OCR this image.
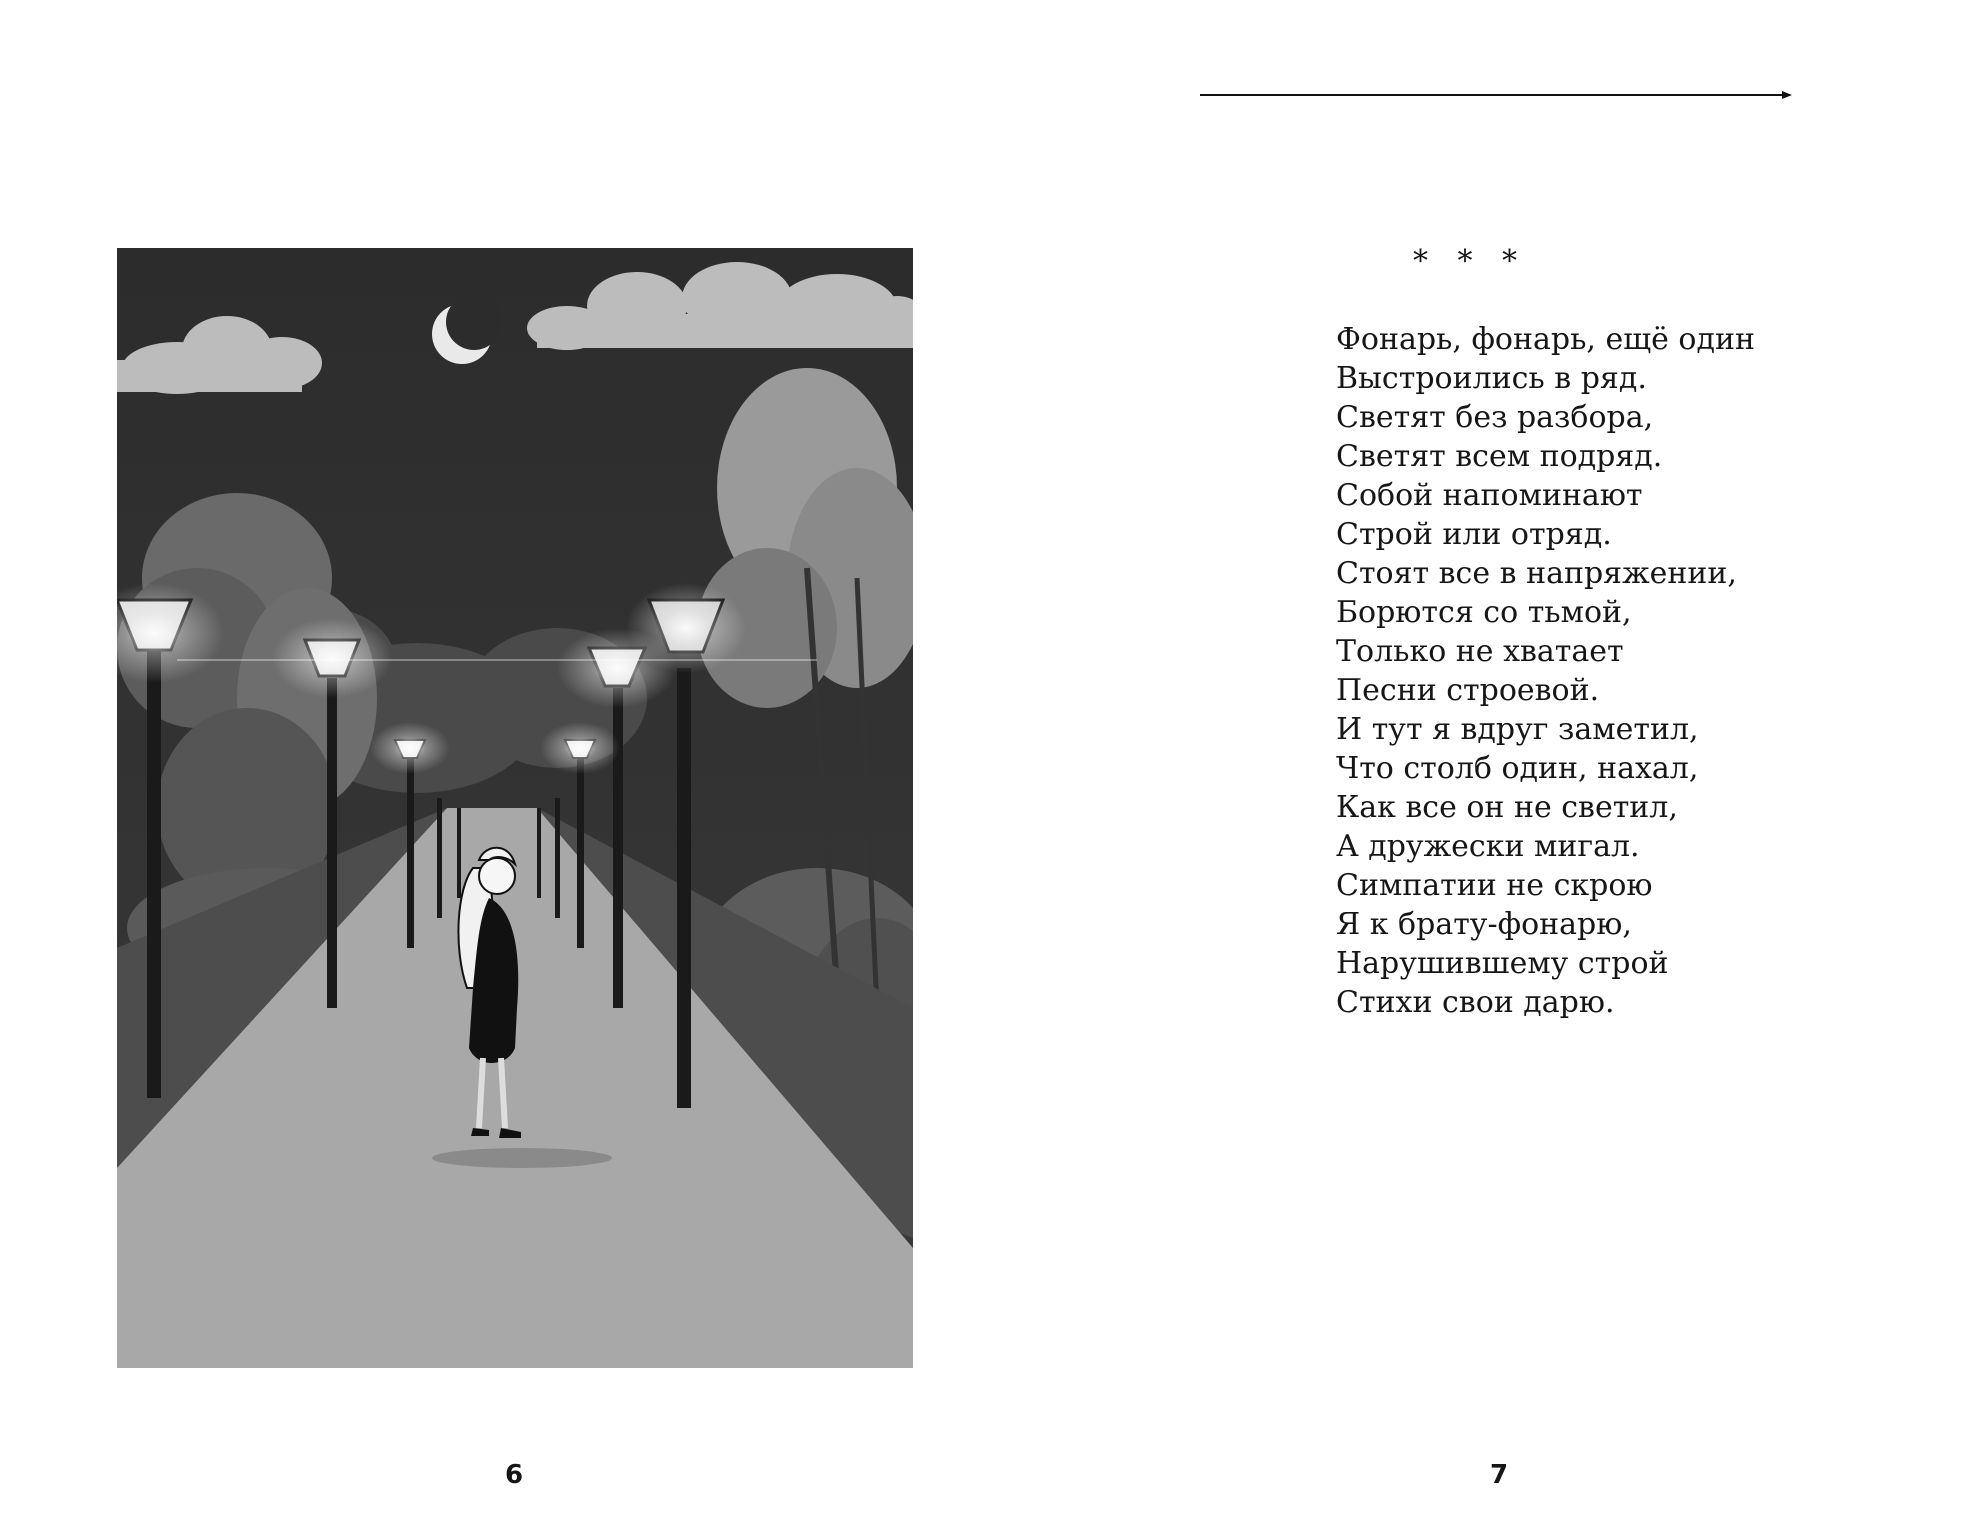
6
* * *
Фонарь, фонарь, ещё один
Выстроились в ряд.
Светят без разбора,
Светят всем подряд.
Собой напоминают
Строй или отряд.
Стоят все в напряжении,
Борются со тьмой,
Только не хватает
Песни строевой.
И тут я вдруг заметил,
Что столб один, нахал,
Как все он не светил,
А дружески мигал.
Симпатии не скрою
Я к брату-фонарю,
Нарушившему строй
Стихи свои дарю.
7
